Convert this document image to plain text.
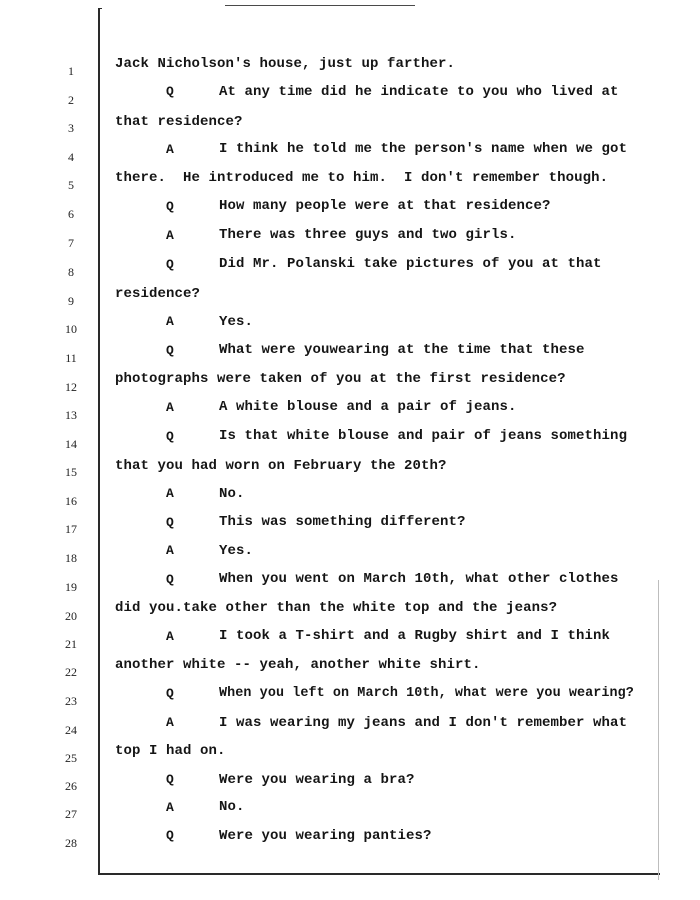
1	Jack Nicholson's house, just up farther.
2
Q	At any time did he indicate to you who lived at
3	that residence?
4	A	I think he told me the person's name when we got
5	there.  He introduced me to him.  I don't remember though.
6	Q	How many people were at that residence?
7	A	There was three guys and two girls.
8	Q	Did Mr. Polanski take pictures of you at that
9	residence?
10	A	Yes.
11	Q	What were youwearing at the time that these
12	photographs were taken of you at the first residence?
13	A	A white blouse and a pair of jeans.
14	Q	Is that white blouse and pair of jeans something
15	that you had worn on February the 20th?
16	A	No.
17	Q	This was something different?
18	A	Yes.
19	Q	When you went on March 10th, what other clothes
20	did you.take other than the white top and the jeans?
21	A	I took a T-shirt and a Rugby shirt and I think
22	another white -- yeah, another white shirt.
23	Q	When you left on March 10th, what were you wearing?
24	A	I was wearing my jeans and I don't remember what
25	top I had on.
26	Q	Were you wearing a bra?
27	A	No.
28	Q	Were you wearing panties?
